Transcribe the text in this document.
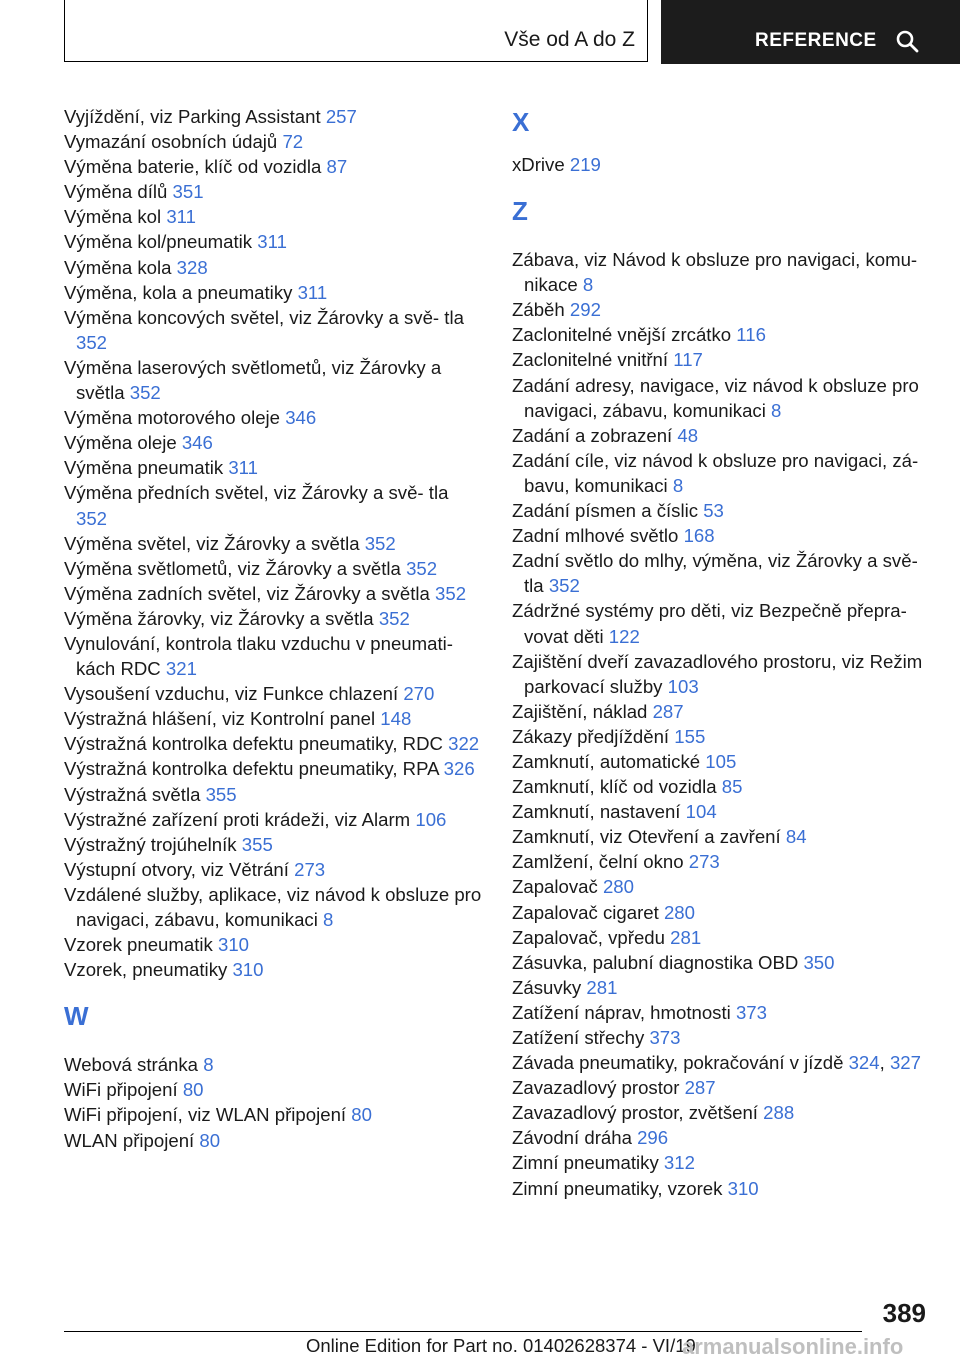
Vše od A do Z	REFERENCE
Vyjíždění, viz Parking Assistant 257
Vymazání osobních údajů 72
Výměna baterie, klíč od vozidla 87
Výměna dílů 351
Výměna kol 311
Výměna kol/pneumatik 311
Výměna kola 328
Výměna, kola a pneumatiky 311
Výměna koncových světel, viz Žárovky a svě‐ tla 352
Výměna laserových světlometů, viz Žárovky a světla 352
Výměna motorového oleje 346
Výměna oleje 346
Výměna pneumatik 311
Výměna předních světel, viz Žárovky a svě‐ tla 352
Výměna světel, viz Žárovky a světla 352
Výměna světlometů, viz Žárovky a světla 352
Výměna zadních světel, viz Žárovky a světla 352
Výměna žárovky, viz Žárovky a světla 352
Vynulování, kontrola tlaku vzduchu v pneumati‐ kách RDC 321
Vysoušení vzduchu, viz Funkce chlazení 270
Výstražná hlášení, viz Kontrolní panel 148
Výstražná kontrolka defektu pneumatiky, RDC 322
Výstražná kontrolka defektu pneumatiky, RPA 326
Výstražná světla 355
Výstražné zařízení proti krádeži, viz Alarm 106
Výstražný trojúhelník 355
Výstupní otvory, viz Větrání 273
Vzdálené služby, aplikace, viz návod k obsluze pro navigaci, zábavu, komunikaci 8
Vzorek pneumatik 310
Vzorek, pneumatiky 310
W
Webová stránka 8
WiFi připojení 80
WiFi připojení, viz WLAN připojení 80
WLAN připojení 80
X
xDrive 219
Z
Zábava, viz Návod k obsluze pro navigaci, komu‐ nikace 8
Záběh 292
Zaclonitelné vnější zrcátko 116
Zaclonitelné vnitřní 117
Zadání adresy, navigace, viz návod k obsluze pro navigaci, zábavu, komunikaci 8
Zadání a zobrazení 48
Zadání cíle, viz návod k obsluze pro navigaci, zá‐ bavu, komunikaci 8
Zadání písmen a číslic 53
Zadní mlhové světlo 168
Zadní světlo do mlhy, výměna, viz Žárovky a svě‐ tla 352
Zádržné systémy pro děti, viz Bezpečně přepra‐ vovat děti 122
Zajištění dveří zavazadlového prostoru, viz Režim parkovací služby 103
Zajištění, náklad 287
Zákazy předjíždění 155
Zamknutí, automatické 105
Zamknutí, klíč od vozidla 85
Zamknutí, nastavení 104
Zamknutí, viz Otevření a zavření 84
Zamlžení, čelní okno 273
Zapalovač 280
Zapalovač cigaret 280
Zapalovač, vpředu 281
Zásuvka, palubní diagnostika OBD 350
Zásuvky 281
Zatížení náprav, hmotnosti 373
Zatížení střechy 373
Závada pneumatiky, pokračování v jízdě 324, 327
Zavazadlový prostor 287
Zavazadlový prostor, zvětšení 288
Závodní dráha 296
Zimní pneumatiky 312
Zimní pneumatiky, vzorek 310
389
Online Edition for Part no. 01402628374 - VI/19
armanualsonline.info
